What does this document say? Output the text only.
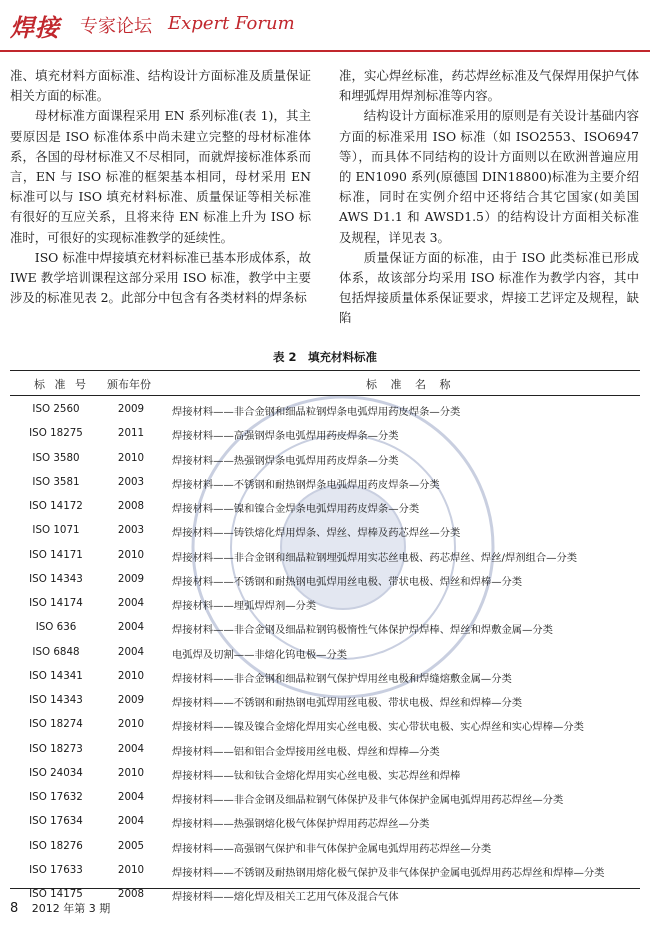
焊接 专家论坛 Expert Forum

准、填充材料方面标准、结构设计方面标准及质量保证相关方面的标准。

母材标准方面课程采用 EN 系列标准(表 1)，其主要原因是 ISO 标准体系中尚未建立完整的母材标准体系，各国的母材标准又不尽相同，而就焊接标准体系而言，EN 与 ISO 标准的框架基本相同，母材采用 EN 标准可以与 ISO 填充材料标准、质量保证等相关标准有很好的互应关系，且将来待 EN 标准上升为 ISO 标准时，可很好的实现标准教学的延续性。

ISO 标准中焊接填充材料标准已基本形成体系，故 IWE 教学培训课程这部分采用 ISO 标准，教学中主要涉及的标准见表 2。此部分中包含有各类材料的焊条标

准，实心焊丝标准，药芯焊丝标准及气保焊用保护气体和埋弧焊用焊剂标准等内容。

结构设计方面标准采用的原则是有关设计基础内容方面的标准采用 ISO 标准（如 ISO2553、ISO6947 等），而具体不同结构的设计方面则以在欧洲普遍应用的 EN1090 系列(原德国 DIN18800)标准为主要介绍标准，同时在实例介绍中还将结合其它国家(如美国 AWS D1.1 和 AWSD1.5）的结构设计方面相关标准及规程，详见表 3。

质量保证方面的标准，由于 ISO 此类标准已形成体系，故该部分均采用 ISO 标准作为教学内容，其中包括焊接质量体系保证要求，焊接工艺评定及规程，缺陷

表 2　填充材料标准
标 准 号 颁布年份	标 准 名 称
ISO 2560	2009	焊接材料——非合金钢和细晶粒钢焊条电弧焊用药皮焊条—分类
ISO 18275	2011	焊接材料——高强钢焊条电弧焊用药皮焊条—分类
ISO 3580	2010	焊接材料——热强钢焊条电弧焊用药皮焊条—分类
ISO 3581	2003	焊接材料——不锈钢和耐热钢焊条电弧焊用药皮焊条—分类
ISO 14172	2008	焊接材料——镍和镍合金焊条电弧焊用药皮焊条—分类
ISO 1071	2003	焊接材料——铸铁熔化焊用焊条、焊丝、焊棒及药芯焊丝—分类
ISO 14171	2010	焊接材料——非合金钢和细晶粒钢埋弧焊用实芯丝电极、药芯焊丝、焊丝/焊剂组合—分类
ISO 14343	2009	焊接材料——不锈钢和耐热钢电弧焊用丝电极、带状电极、焊丝和焊棒—分类
ISO 14174	2004	焊接材料——埋弧焊焊剂—分类
ISO 636	2004	焊接材料——非合金钢及细晶粒钢钨极惰性气体保护焊焊棒、焊丝和焊敷金属—分类
ISO 6848	2004	电弧焊及切割——非熔化钨电极—分类
ISO 14341	2010	焊接材料——非合金钢和细晶粒钢气保护焊用丝电极和焊缝熔敷金属—分类
ISO 14343	2009	焊接材料——不锈钢和耐热钢电弧焊用丝电极、带状电极、焊丝和焊棒—分类
ISO 18274	2010	焊接材料——镍及镍合金熔化焊用实心丝电极、实心带状电极、实心焊丝和实心焊棒—分类
ISO 18273	2004	焊接材料——铝和铝合金焊接用丝电极、焊丝和焊棒—分类
ISO 24034	2010	焊接材料——钛和钛合金熔化焊用实心丝电极、实芯焊丝和焊棒
ISO 17632	2004	焊接材料——非合金钢及细晶粒钢气体保护及非气体保护金属电弧焊用药芯焊丝—分类
ISO 17634	2004	焊接材料——热强钢熔化极气体保护焊用药芯焊丝—分类
ISO 18276	2005	焊接材料——高强钢气保护和非气体保护金属电弧焊用药芯焊丝—分类
ISO 17633	2010	焊接材料——不锈钢及耐热钢用熔化极气保护及非气体保护金属电弧焊用药芯焊丝和焊棒—分类
ISO 14175	2008	焊接材料——熔化焊及相关工艺用气体及混合气体
8 2012 年第 3 期
